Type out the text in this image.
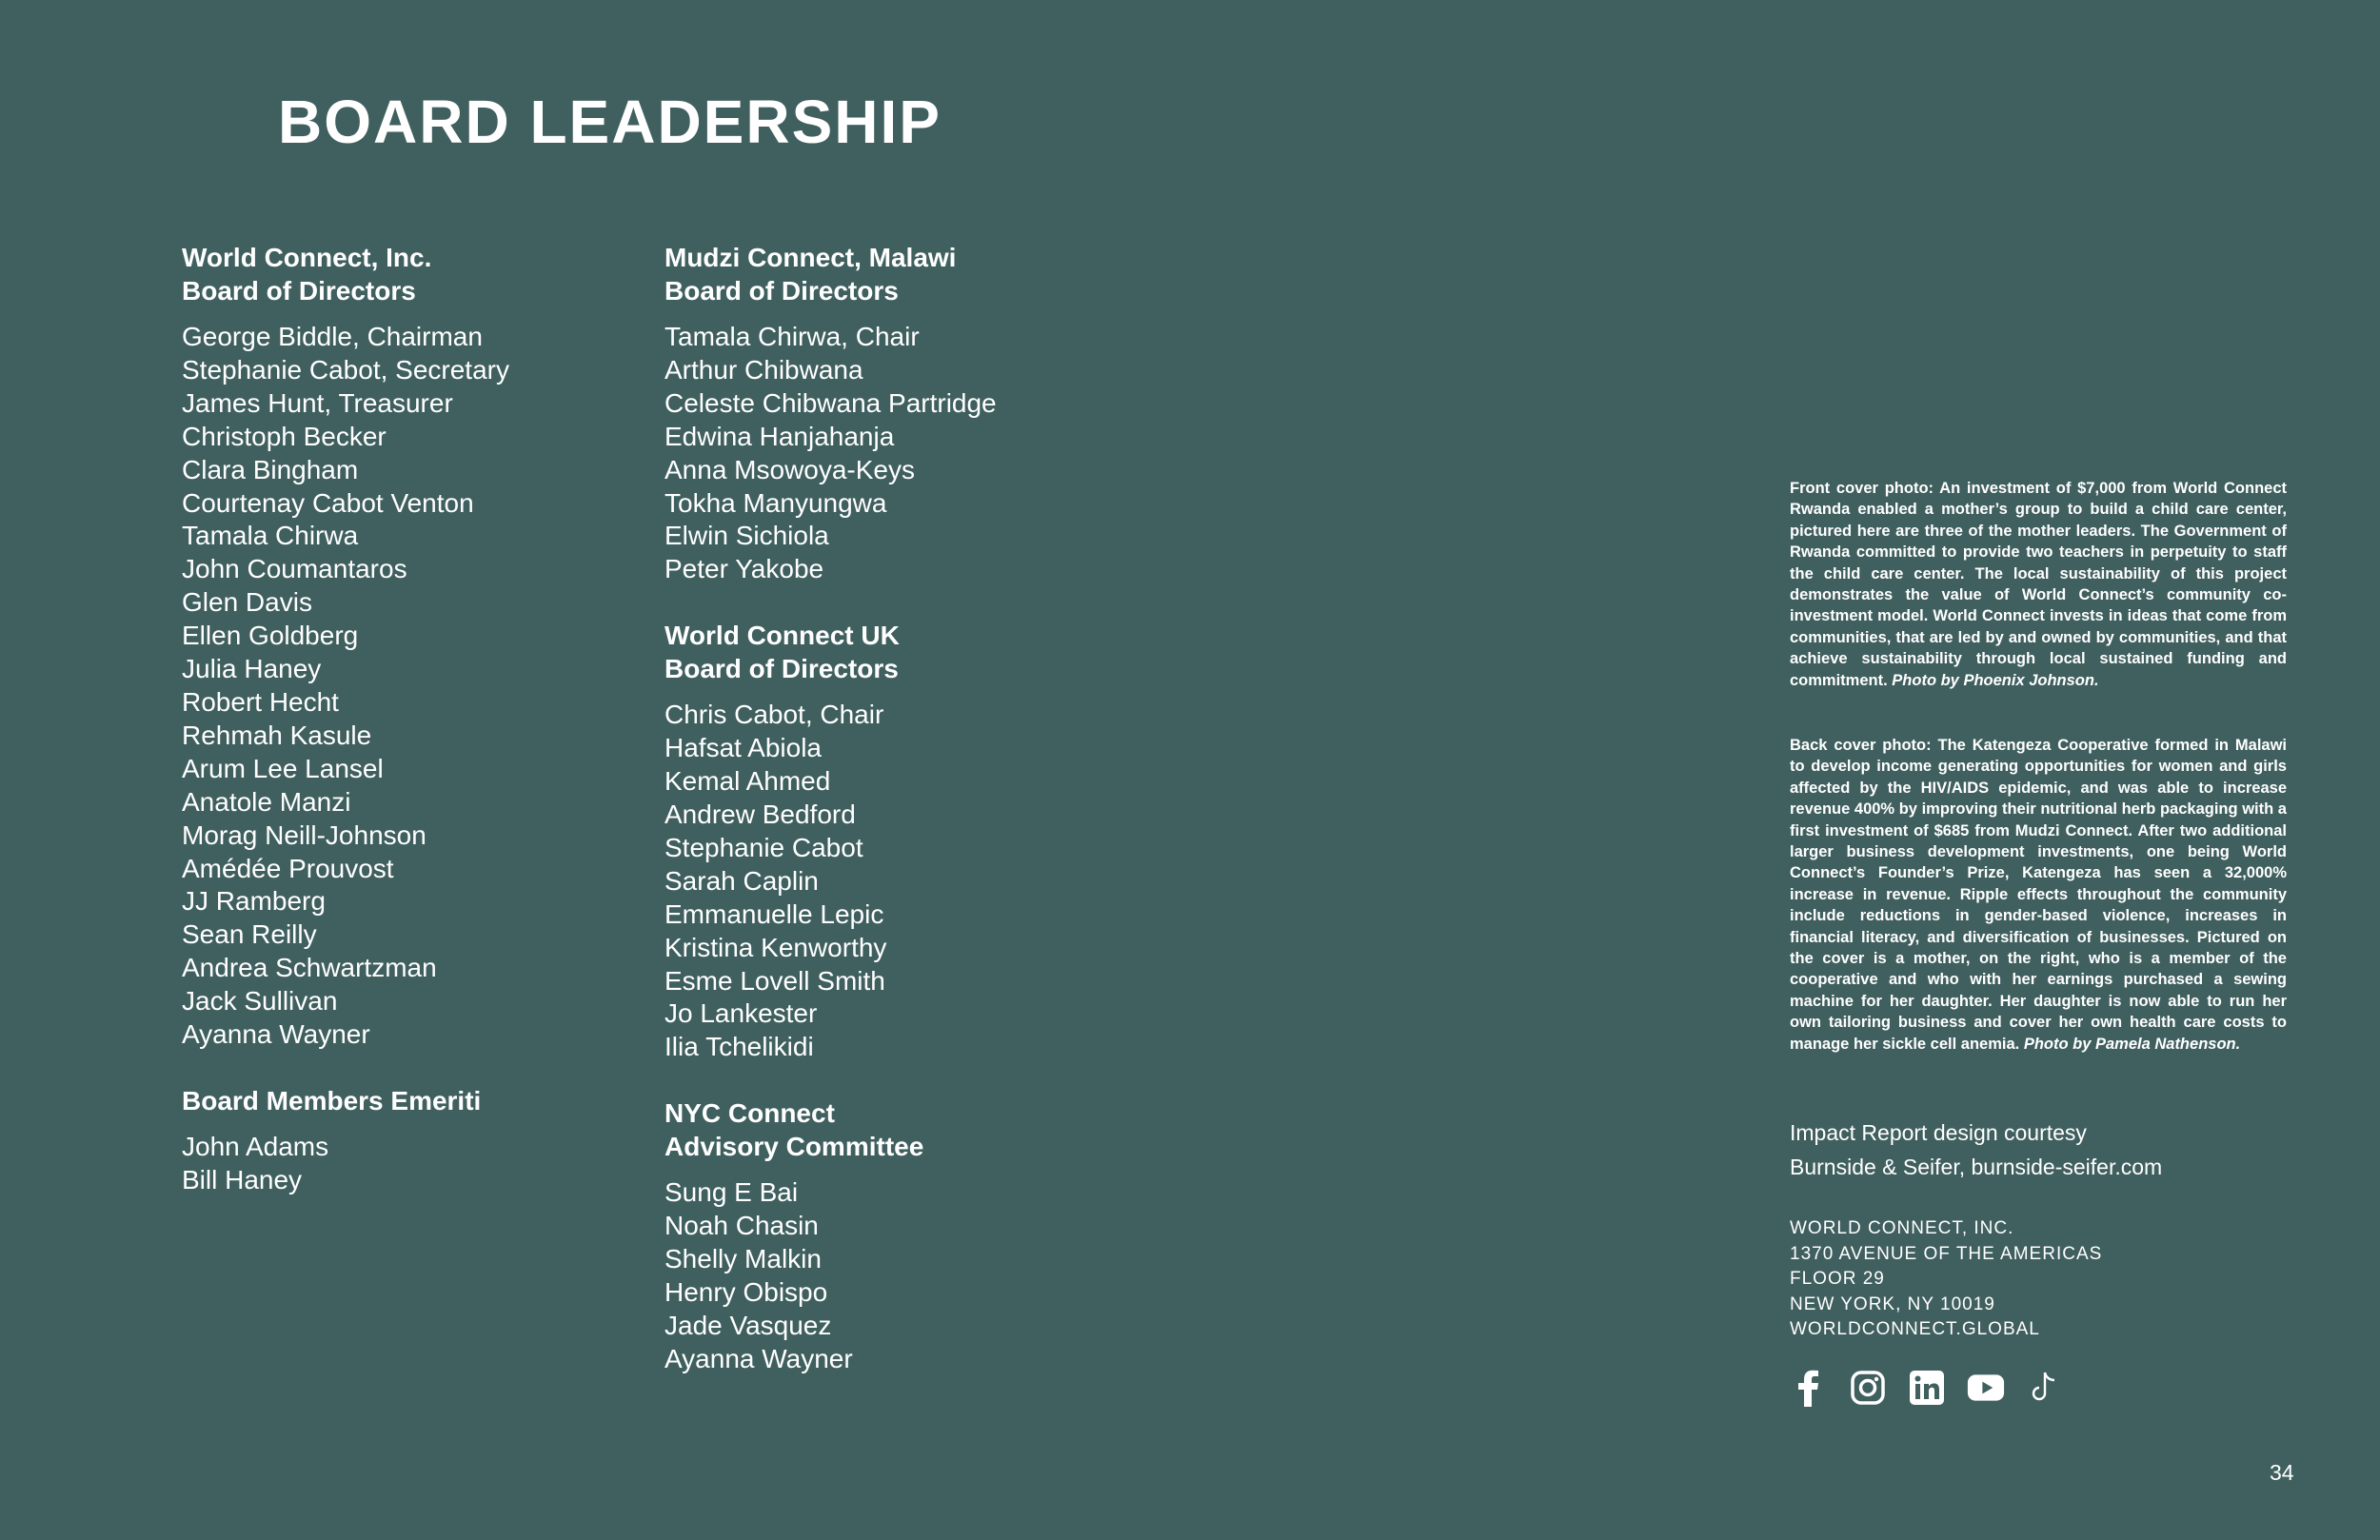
BOARD LEADERSHIP

World Connect, Inc.
Board of Directors

George Biddle, Chairman
Stephanie Cabot, Secretary
James Hunt, Treasurer
Christoph Becker
Clara Bingham
Courtenay Cabot Venton
Tamala Chirwa
John Coumantaros
Glen Davis
Ellen Goldberg
Julia Haney
Robert Hecht
Rehmah Kasule
Arum Lee Lansel
Anatole Manzi
Morag Neill-Johnson
Amédée Prouvost
JJ Ramberg
Sean Reilly
Andrea Schwartzman
Jack Sullivan
Ayanna Wayner

Board Members Emeriti

John Adams
Bill Haney

Mudzi Connect, Malawi
Board of Directors

Tamala Chirwa, Chair
Arthur Chibwana
Celeste Chibwana Partridge
Edwina Hanjahanja
Anna Msowoya-Keys
Tokha Manyungwa
Elwin Sichiola
Peter Yakobe

World Connect UK
Board of Directors

Chris Cabot, Chair
Hafsat Abiola
Kemal Ahmed
Andrew Bedford
Stephanie Cabot
Sarah Caplin
Emmanuelle Lepic
Kristina Kenworthy
Esme Lovell Smith
Jo Lankester
Ilia Tchelikidi

NYC Connect
Advisory Committee

Sung E Bai
Noah Chasin
Shelly Malkin
Henry Obispo
Jade Vasquez
Ayanna Wayner

Front cover photo: An investment of $7,000 from World Connect Rwanda enabled a mother’s group to build a child care center, pictured here are three of the mother leaders. The Government of Rwanda committed to provide two teachers in perpetuity to staff the child care center. The local sustainability of this project demonstrates the value of World Connect’s community co-investment model. World Connect invests in ideas that come from communities, that are led by and owned by communities, and that achieve sustainability through local sustained funding and commitment. Photo by Phoenix Johnson.

Back cover photo: The Katengeza Cooperative formed in Malawi to develop income generating opportunities for women and girls affected by the HIV/AIDS epidemic, and was able to increase revenue 400% by improving their nutritional herb packaging with a first investment of $685 from Mudzi Connect. After two additional larger business development investments, one being World Connect’s Founder’s Prize, Katengeza has seen a 32,000% increase in revenue. Ripple effects throughout the community include reductions in gender-based violence, increases in financial literacy, and diversification of businesses. Pictured on the cover is a mother, on the right, who is a member of the cooperative and who with her earnings purchased a sewing machine for her daughter. Her daughter is now able to run her own tailoring business and cover her own health care costs to manage her sickle cell anemia. Photo by Pamela Nathenson.

Impact Report design courtesy
Burnside & Seifer, burnside-seifer.com
WORLD CONNECT, INC.
1370 AVENUE OF THE AMERICAS
FLOOR 29
NEW YORK, NY 10019
WORLDCONNECT.GLOBAL
34
